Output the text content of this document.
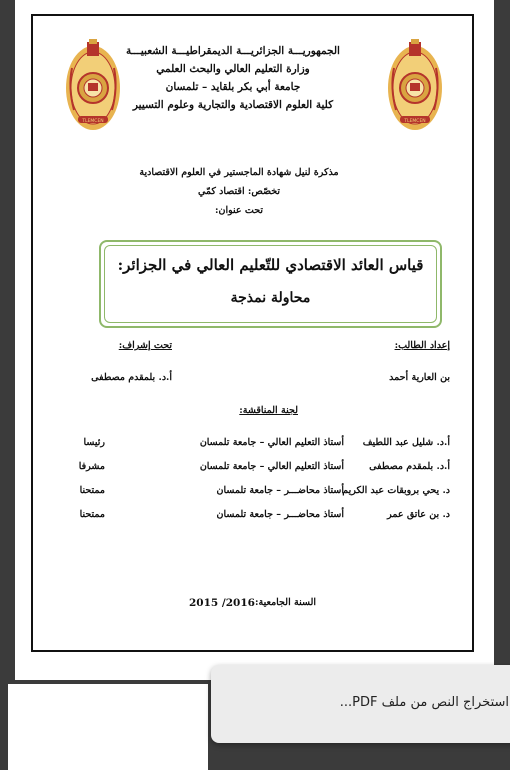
TLEMCEN	TLEMCEN
الجمهوريـــة الجزائريـــة الديمقراطيـــة الشعبيـــة
وزارة التعليم العالي والبحث العلمي
جامعة أبي بكر بلقايد – تلمسان
كلية العلوم الاقتصادية والتجارية وعلوم التسيير
مذكرة لنيل شهادة الماجستير في العلوم الاقتصادية
تخصّص: اقتصاد كمّي
تحت عنوان:
قياس العائد الاقتصادي للتّعليم العالي في الجزائر:
محاولة نمذجة
إعداد الطالب:
بن العارية أحمد
تحت إشراف:
أ.د. بلمقدم مصطفى
لجنة المناقشة:
أ.د. شليل عبد اللطيف
أستاذ التعليم العالي – جامعة تلمسان
رئيسا
أ.د. بلمقدم مصطفى
أستاذ التعليم العالي – جامعة تلمسان
مشرفا
د. يحي بروبقات عبد الكريم
أستاذ محاضـــر – جامعة تلمسان
ممتحنا
د. بن عاتق عمر
أستاذ محاضـــر – جامعة تلمسان
ممتحنا
السنة الجامعية:
2015 /2016
استخراج النص من ملف PDF...
